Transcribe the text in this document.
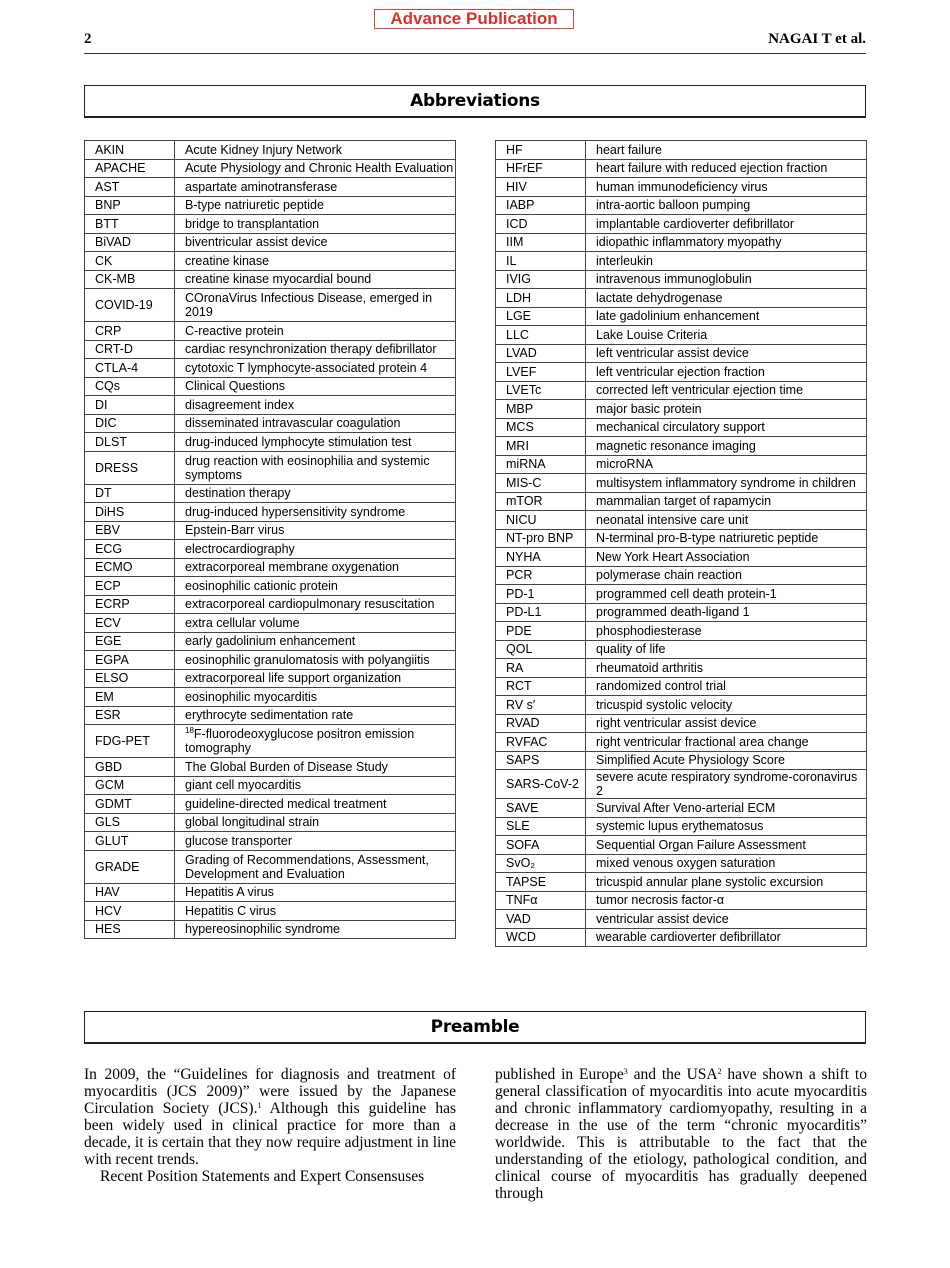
Advance Publication
2	NAGAI T et al.
Abbreviations
AKIN	Acute Kidney Injury Network
APACHE	Acute Physiology and Chronic Health Evaluation
AST	aspartate aminotransferase
BNP	B-type natriuretic peptide
BTT	bridge to transplantation
BiVAD	biventricular assist device
CK	creatine kinase
CK-MB	creatine kinase myocardial bound
COVID-19	COronaVirus Infectious Disease, emerged in 2019
CRP	C-reactive protein
CRT-D	cardiac resynchronization therapy defibrillator
CTLA-4	cytotoxic T lymphocyte-associated protein 4
CQs	Clinical Questions
DI	disagreement index
DIC	disseminated intravascular coagulation
DLST	drug-induced lymphocyte stimulation test
DRESS	drug reaction with eosinophilia and systemic symptoms
DT	destination therapy
DiHS	drug-induced hypersensitivity syndrome
EBV	Epstein-Barr virus
ECG	electrocardiography
ECMO	extracorporeal membrane oxygenation
ECP	eosinophilic cationic protein
ECRP	extracorporeal cardiopulmonary resuscitation
ECV	extra cellular volume
EGE	early gadolinium enhancement
EGPA	eosinophilic granulomatosis with polyangiitis
ELSO	extracorporeal life support organization
EM	eosinophilic myocarditis
ESR	erythrocyte sedimentation rate
FDG-PET	$^{18}$F-fluorodeoxyglucose positron emission tomography
GBD	The Global Burden of Disease Study
GCM	giant cell myocarditis
GDMT	guideline-directed medical treatment
GLS	global longitudinal strain
GLUT	glucose transporter
GRADE	Grading of Recommendations, Assessment, Development and Evaluation
HAV	Hepatitis A virus
HCV	Hepatitis C virus
HES	hypereosinophilic syndrome
HF	heart failure
HFrEF	heart failure with reduced ejection fraction
HIV	human immunodeficiency virus
IABP	intra-aortic balloon pumping
ICD	implantable cardioverter defibrillator
IIM	idiopathic inflammatory myopathy
IL	interleukin
IVIG	intravenous immunoglobulin
LDH	lactate dehydrogenase
LGE	late gadolinium enhancement
LLC	Lake Louise Criteria
LVAD	left ventricular assist device
LVEF	left ventricular ejection fraction
LVETc	corrected left ventricular ejection time
MBP	major basic protein
MCS	mechanical circulatory support
MRI	magnetic resonance imaging
miRNA	microRNA
MIS-C	multisystem inflammatory syndrome in children
mTOR	mammalian target of rapamycin
NICU	neonatal intensive care unit
NT-pro BNP	N-terminal pro-B-type natriuretic peptide
NYHA	New York Heart Association
PCR	polymerase chain reaction
PD-1	programmed cell death protein-1
PD-L1	programmed death-ligand 1
PDE	phosphodiesterase
QOL	quality of life
RA	rheumatoid arthritis
RCT	randomized control trial
RV s′	tricuspid systolic velocity
RVAD	right ventricular assist device
RVFAC	right ventricular fractional area change
SAPS	Simplified Acute Physiology Score
SARS-CoV-2	severe acute respiratory syndrome-coronavirus 2
SAVE	Survival After Veno-arterial ECM
SLE	systemic lupus erythematosus
SOFA	Sequential Organ Failure Assessment
SvO₂	mixed venous oxygen saturation
TAPSE	tricuspid annular plane systolic excursion
TNFα	tumor necrosis factor-α
VAD	ventricular assist device
WCD	wearable cardioverter defibrillator
Preamble

In 2009, the “Guidelines for diagnosis and treatment of myocarditis (JCS 2009)” were issued by the Japanese Circulation Society (JCS).$^1$ Although this guideline has been widely used in clinical practice for more than a decade, it is certain that they now require adjustment in line with recent trends.

Recent Position Statements and Expert Consensuses

published in Europe$^3$ and the USA$^2$ have shown a shift to general classification of myocarditis into acute myocarditis and chronic inflammatory cardiomyopathy, resulting in a decrease in the use of the term “chronic myocarditis” worldwide. This is attributable to the fact that the understanding of the etiology, pathological condition, and clinical course of myocarditis has gradually deepened through
